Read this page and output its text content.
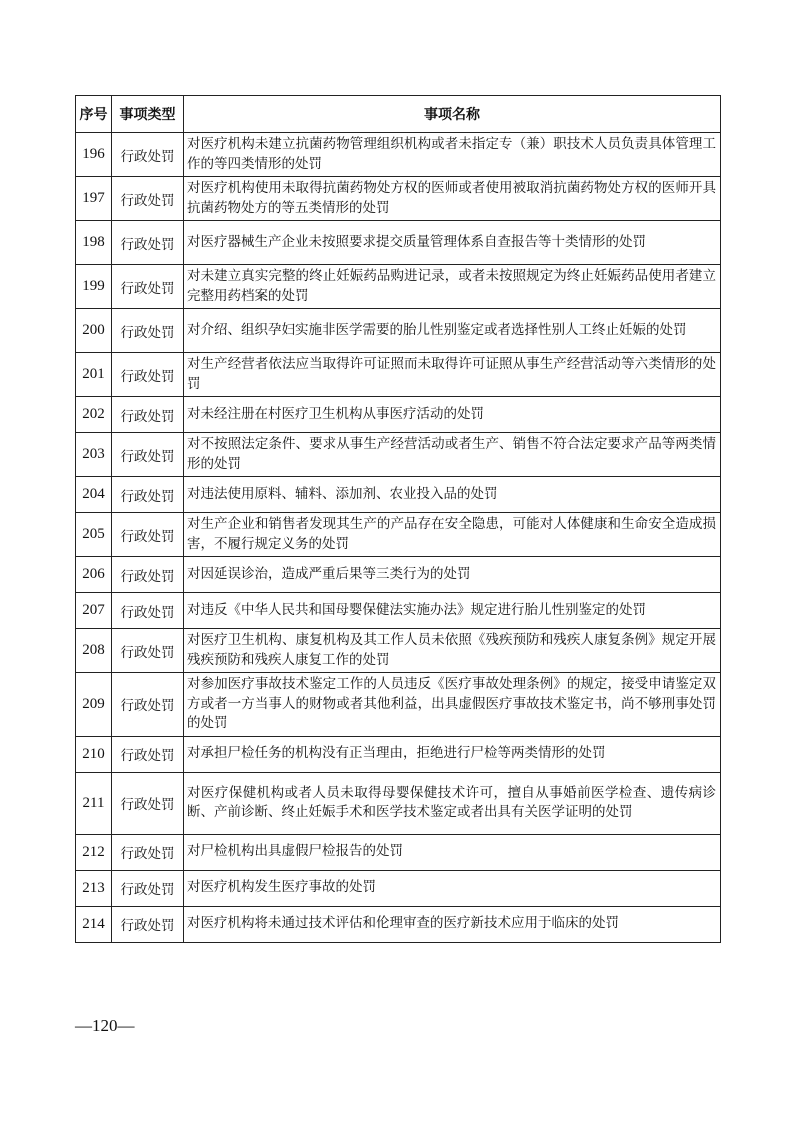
序号	事项类型	事项名称
196	行政处罚	对医疗机构未建立抗菌药物管理组织机构或者未指定专（兼）职技术人员负责具体管理工作的等四类情形的处罚
197	行政处罚	对医疗机构使用未取得抗菌药物处方权的医师或者使用被取消抗菌药物处方权的医师开具抗菌药物处方的等五类情形的处罚
198	行政处罚	对医疗器械生产企业未按照要求提交质量管理体系自查报告等十类情形的处罚
199	行政处罚	对未建立真实完整的终止妊娠药品购进记录，或者未按照规定为终止妊娠药品使用者建立完整用药档案的处罚
200	行政处罚	对介绍、组织孕妇实施非医学需要的胎儿性别鉴定或者选择性别人工终止妊娠的处罚
201	行政处罚	对生产经营者依法应当取得许可证照而未取得许可证照从事生产经营活动等六类情形的处罚
202	行政处罚	对未经注册在村医疗卫生机构从事医疗活动的处罚
203	行政处罚	对不按照法定条件、要求从事生产经营活动或者生产、销售不符合法定要求产品等两类情形的处罚
204	行政处罚	对违法使用原料、辅料、添加剂、农业投入品的处罚
205	行政处罚	对生产企业和销售者发现其生产的产品存在安全隐患，可能对人体健康和生命安全造成损害，不履行规定义务的处罚
206	行政处罚	对因延误诊治，造成严重后果等三类行为的处罚
207	行政处罚	对违反《中华人民共和国母婴保健法实施办法》规定进行胎儿性别鉴定的处罚
208	行政处罚	对医疗卫生机构、康复机构及其工作人员未依照《残疾预防和残疾人康复条例》规定开展残疾预防和残疾人康复工作的处罚
209	行政处罚	对参加医疗事故技术鉴定工作的人员违反《医疗事故处理条例》的规定，接受申请鉴定双方或者一方当事人的财物或者其他利益，出具虚假医疗事故技术鉴定书，尚不够刑事处罚的处罚
210	行政处罚	对承担尸检任务的机构没有正当理由，拒绝进行尸检等两类情形的处罚
211	行政处罚	对医疗保健机构或者人员未取得母婴保健技术许可，擅自从事婚前医学检查、遗传病诊断、产前诊断、终止妊娠手术和医学技术鉴定或者出具有关医学证明的处罚
212	行政处罚	对尸检机构出具虚假尸检报告的处罚
213	行政处罚	对医疗机构发生医疗事故的处罚
214	行政处罚	对医疗机构将未通过技术评估和伦理审查的医疗新技术应用于临床的处罚
—120—
